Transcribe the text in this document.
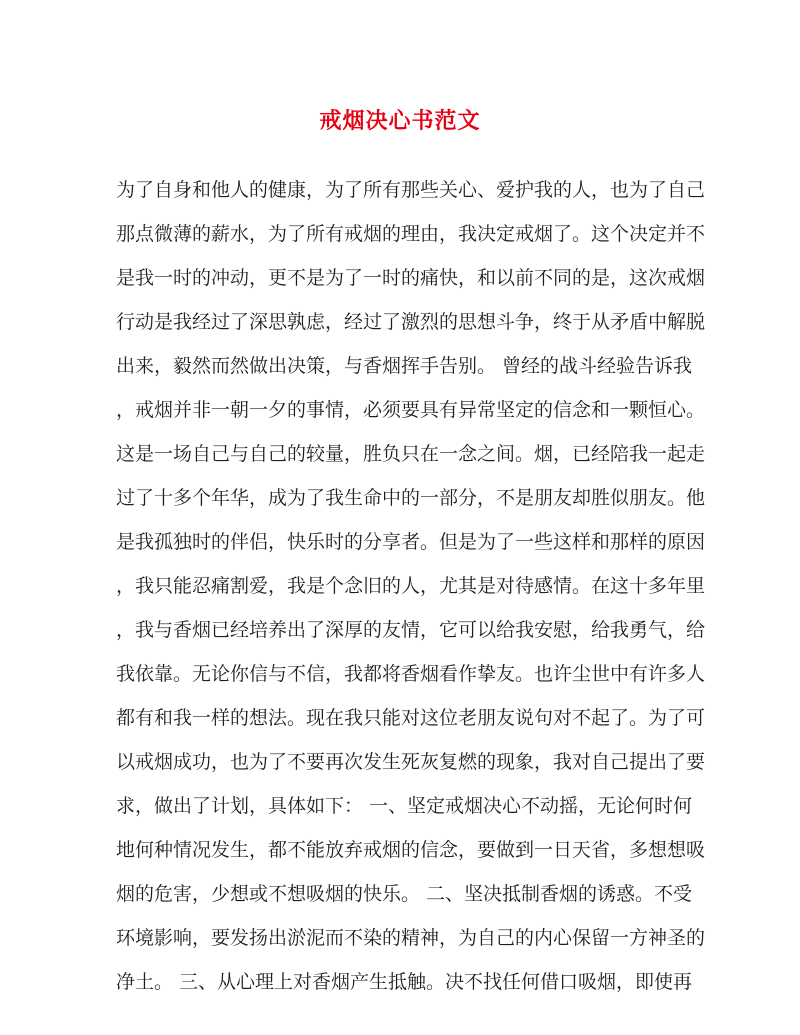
戒烟决心书范文
为了自身和他人的健康，为了所有那些关心、爱护我的人，也为了自己
那点微薄的薪水，为了所有戒烟的理由，我决定戒烟了。这个决定并不
是我一时的冲动，更不是为了一时的痛快，和以前不同的是，这次戒烟
行动是我经过了深思孰虑，经过了激烈的思想斗争，终于从矛盾中解脱
出来，毅然而然做出决策，与香烟挥手告别。 曾经的战斗经验告诉我
，戒烟并非一朝一夕的事情，必须要具有异常坚定的信念和一颗恒心。
这是一场自己与自己的较量，胜负只在一念之间。烟，已经陪我一起走
过了十多个年华，成为了我生命中的一部分，不是朋友却胜似朋友。他
是我孤独时的伴侣，快乐时的分享者。但是为了一些这样和那样的原因
，我只能忍痛割爱，我是个念旧的人，尤其是对待感情。在这十多年里
，我与香烟已经培养出了深厚的友情，它可以给我安慰，给我勇气，给
我依靠。无论你信与不信，我都将香烟看作挚友。也许尘世中有许多人
都有和我一样的想法。现在我只能对这位老朋友说句对不起了。为了可
以戒烟成功，也为了不要再次发生死灰复燃的现象，我对自己提出了要
求，做出了计划，具体如下： 一、坚定戒烟决心不动摇，无论何时何
地何种情况发生，都不能放弃戒烟的信念，要做到一日天省，多想想吸
烟的危害，少想或不想吸烟的快乐。 二、坚决抵制香烟的诱惑。不受
环境影响，要发扬出淤泥而不染的精神，为自己的内心保留一方神圣的
净土。 三、从心理上对香烟产生抵触。决不找任何借口吸烟，即使再
